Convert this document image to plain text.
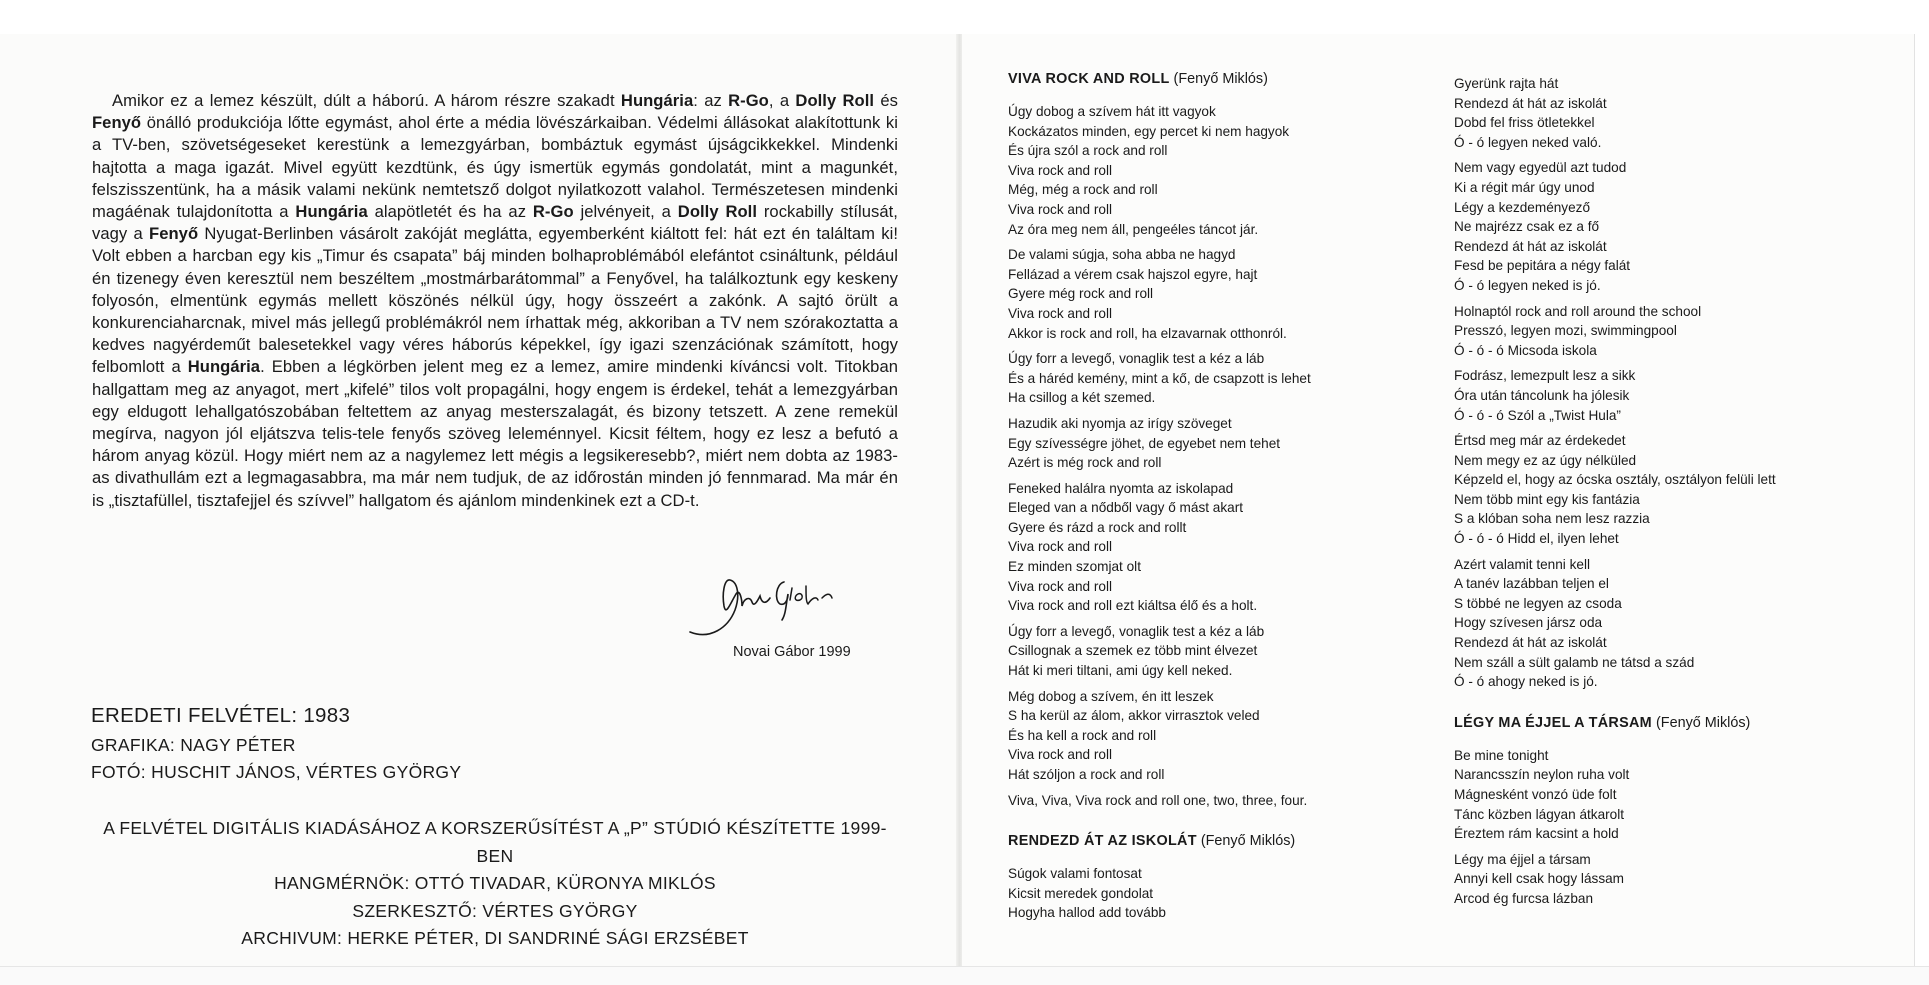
Amikor ez a lemez készült, dúlt a háború. A három részre szakadt Hungária: az R-Go, a Dolly Roll és Fenyő önálló produkciója lőtte egymást, ahol érte a média lövészárkaiban. Védelmi állásokat alakítottunk ki a TV-ben, szövetségeseket kerestünk a lemezgyárban, bombáztuk egymást újságcikkekkel. Mindenki hajtotta a maga igazát. Mivel együtt kezdtünk, és úgy ismertük egymás gondolatát, mint a magunkét, felszisszentünk, ha a másik valami nekünk nemtetsző dolgot nyilatkozott valahol. Természetesen mindenki magáénak tulajdonította a Hungária alapötletét és ha az R-Go jelvényeit, a Dolly Roll rockabilly stílusát, vagy a Fenyő Nyugat-Berlinben vásárolt zakóját meglátta, egyemberként kiáltott fel: hát ezt én találtam ki! Volt ebben a harcban egy kis „Timur és csapata” báj minden bolhaproblémából elefántot csináltunk, például én tizenegy éven keresztül nem beszéltem „mostmárbarátommal” a Fenyővel, ha találkoztunk egy keskeny folyosón, elmentünk egymás mellett köszönés nélkül úgy, hogy összeért a zakónk. A sajtó örült a konkurenciaharcnak, mivel más jellegű problémákról nem írhattak még, akkoriban a TV nem szórakoztatta a kedves nagyérdeműt balesetekkel vagy véres háborús képekkel, így igazi szenzációnak számított, hogy felbomlott a Hungária. Ebben a légkörben jelent meg ez a lemez, amire mindenki kíváncsi volt. Titokban hallgattam meg az anyagot, mert „kifelé” tilos volt propagálni, hogy engem is érdekel, tehát a lemezgyárban egy eldugott lehallgatószobában feltettem az anyag mesterszalagát, és bizony tetszett. A zene remekül megírva, nagyon jól eljátszva telis-tele fenyős szöveg leleménnyel. Kicsit féltem, hogy ez lesz a befutó a három anyag közül. Hogy miért nem az a nagylemez lett mégis a legsikeresebb?, miért nem dobta az 1983-as divathullám ezt a legmagasabbra, ma már nem tudjuk, de az időrostán minden jó fennmarad. Ma már én is „tisztafüllel, tisztafejjel és szívvel” hallgatom és ajánlom mindenkinek ezt a CD-t.
Novai Gábor 1999
EREDETI FELVÉTEL: 1983
GRAFIKA: NAGY PÉTER
FOTÓ: HUSCHIT JÁNOS, VÉRTES GYÖRGY
A FELVÉTEL DIGITÁLIS KIADÁSÁHOZ A KORSZERŰSÍTÉST A „P” STÚDIÓ KÉSZÍTETTE 1999-BEN
HANGMÉRNÖK: OTTÓ TIVADAR, KÜRONYA MIKLÓS
SZERKESZTŐ: VÉRTES GYÖRGY
ARCHIVUM: HERKE PÉTER, DI SANDRINÉ SÁGI ERZSÉBET
VIVA ROCK AND ROLL (Fenyő Miklós)
Úgy dobog a szívem hát itt vagyok
Kockázatos minden, egy percet ki nem hagyok
És újra szól a rock and roll
Viva rock and roll
Még, még a rock and roll
Viva rock and roll
Az óra meg nem áll, pengeéles táncot jár.
De valami súgja, soha abba ne hagyd
Fellázad a vérem csak hajszol egyre, hajt
Gyere még rock and roll
Viva rock and roll
Akkor is rock and roll, ha elzavarnak otthonról.
Úgy forr a levegő, vonaglik test a kéz a láb
És a háréd kemény, mint a kő, de csapzott is lehet
Ha csillog a két szemed.
Hazudik aki nyomja az irígy szöveget
Egy szívességre jöhet, de egyebet nem tehet
Azért is még rock and roll
Feneked halálra nyomta az iskolapad
Eleged van a nődből vagy ő mást akart
Gyere és rázd a rock and rollt
Viva rock and roll
Ez minden szomjat olt
Viva rock and roll
Viva rock and roll ezt kiáltsa élő és a holt.
Úgy forr a levegő, vonaglik test a kéz a láb
Csillognak a szemek ez több mint élvezet
Hát ki meri tiltani, ami úgy kell neked.
Még dobog a szívem, én itt leszek
S ha kerül az álom, akkor virrasztok veled
És ha kell a rock and roll
Viva rock and roll
Hát szóljon a rock and roll
Viva, Viva, Viva rock and roll one, two, three, four.
RENDEZD ÁT AZ ISKOLÁT (Fenyő Miklós)
Súgok valami fontosat
Kicsit meredek gondolat
Hogyha hallod add tovább
Gyerünk rajta hát
Rendezd át hát az iskolát
Dobd fel friss ötletekkel
Ó - ó legyen neked való.
Nem vagy egyedül azt tudod
Ki a régit már úgy unod
Légy a kezdeményező
Ne majrézz csak ez a fő
Rendezd át hát az iskolát
Fesd be pepitára a négy falát
Ó - ó legyen neked is jó.
Holnaptól rock and roll around the school
Presszó, legyen mozi, swimmingpool
Ó - ó - ó Micsoda iskola
Fodrász, lemezpult lesz a sikk
Óra után táncolunk ha jólesik
Ó - ó - ó Szól a „Twist Hula”
Értsd meg már az érdekedet
Nem megy ez az úgy nélküled
Képzeld el, hogy az ócska osztály, osztályon felüli lett
Nem több mint egy kis fantázia
S a klóban soha nem lesz razzia
Ó - ó - ó Hidd el, ilyen lehet
Azért valamit tenni kell
A tanév lazábban teljen el
S többé ne legyen az csoda
Hogy szívesen jársz oda
Rendezd át hát az iskolát
Nem száll a sült galamb ne tátsd a szád
Ó - ó ahogy neked is jó.
LÉGY MA ÉJJEL A TÁRSAM (Fenyő Miklós)
Be mine tonight
Narancsszín neylon ruha volt
Mágnesként vonzó üde folt
Tánc közben lágyan átkarolt
Éreztem rám kacsint a hold
Légy ma éjjel a társam
Annyi kell csak hogy lássam
Arcod ég furcsa lázban
